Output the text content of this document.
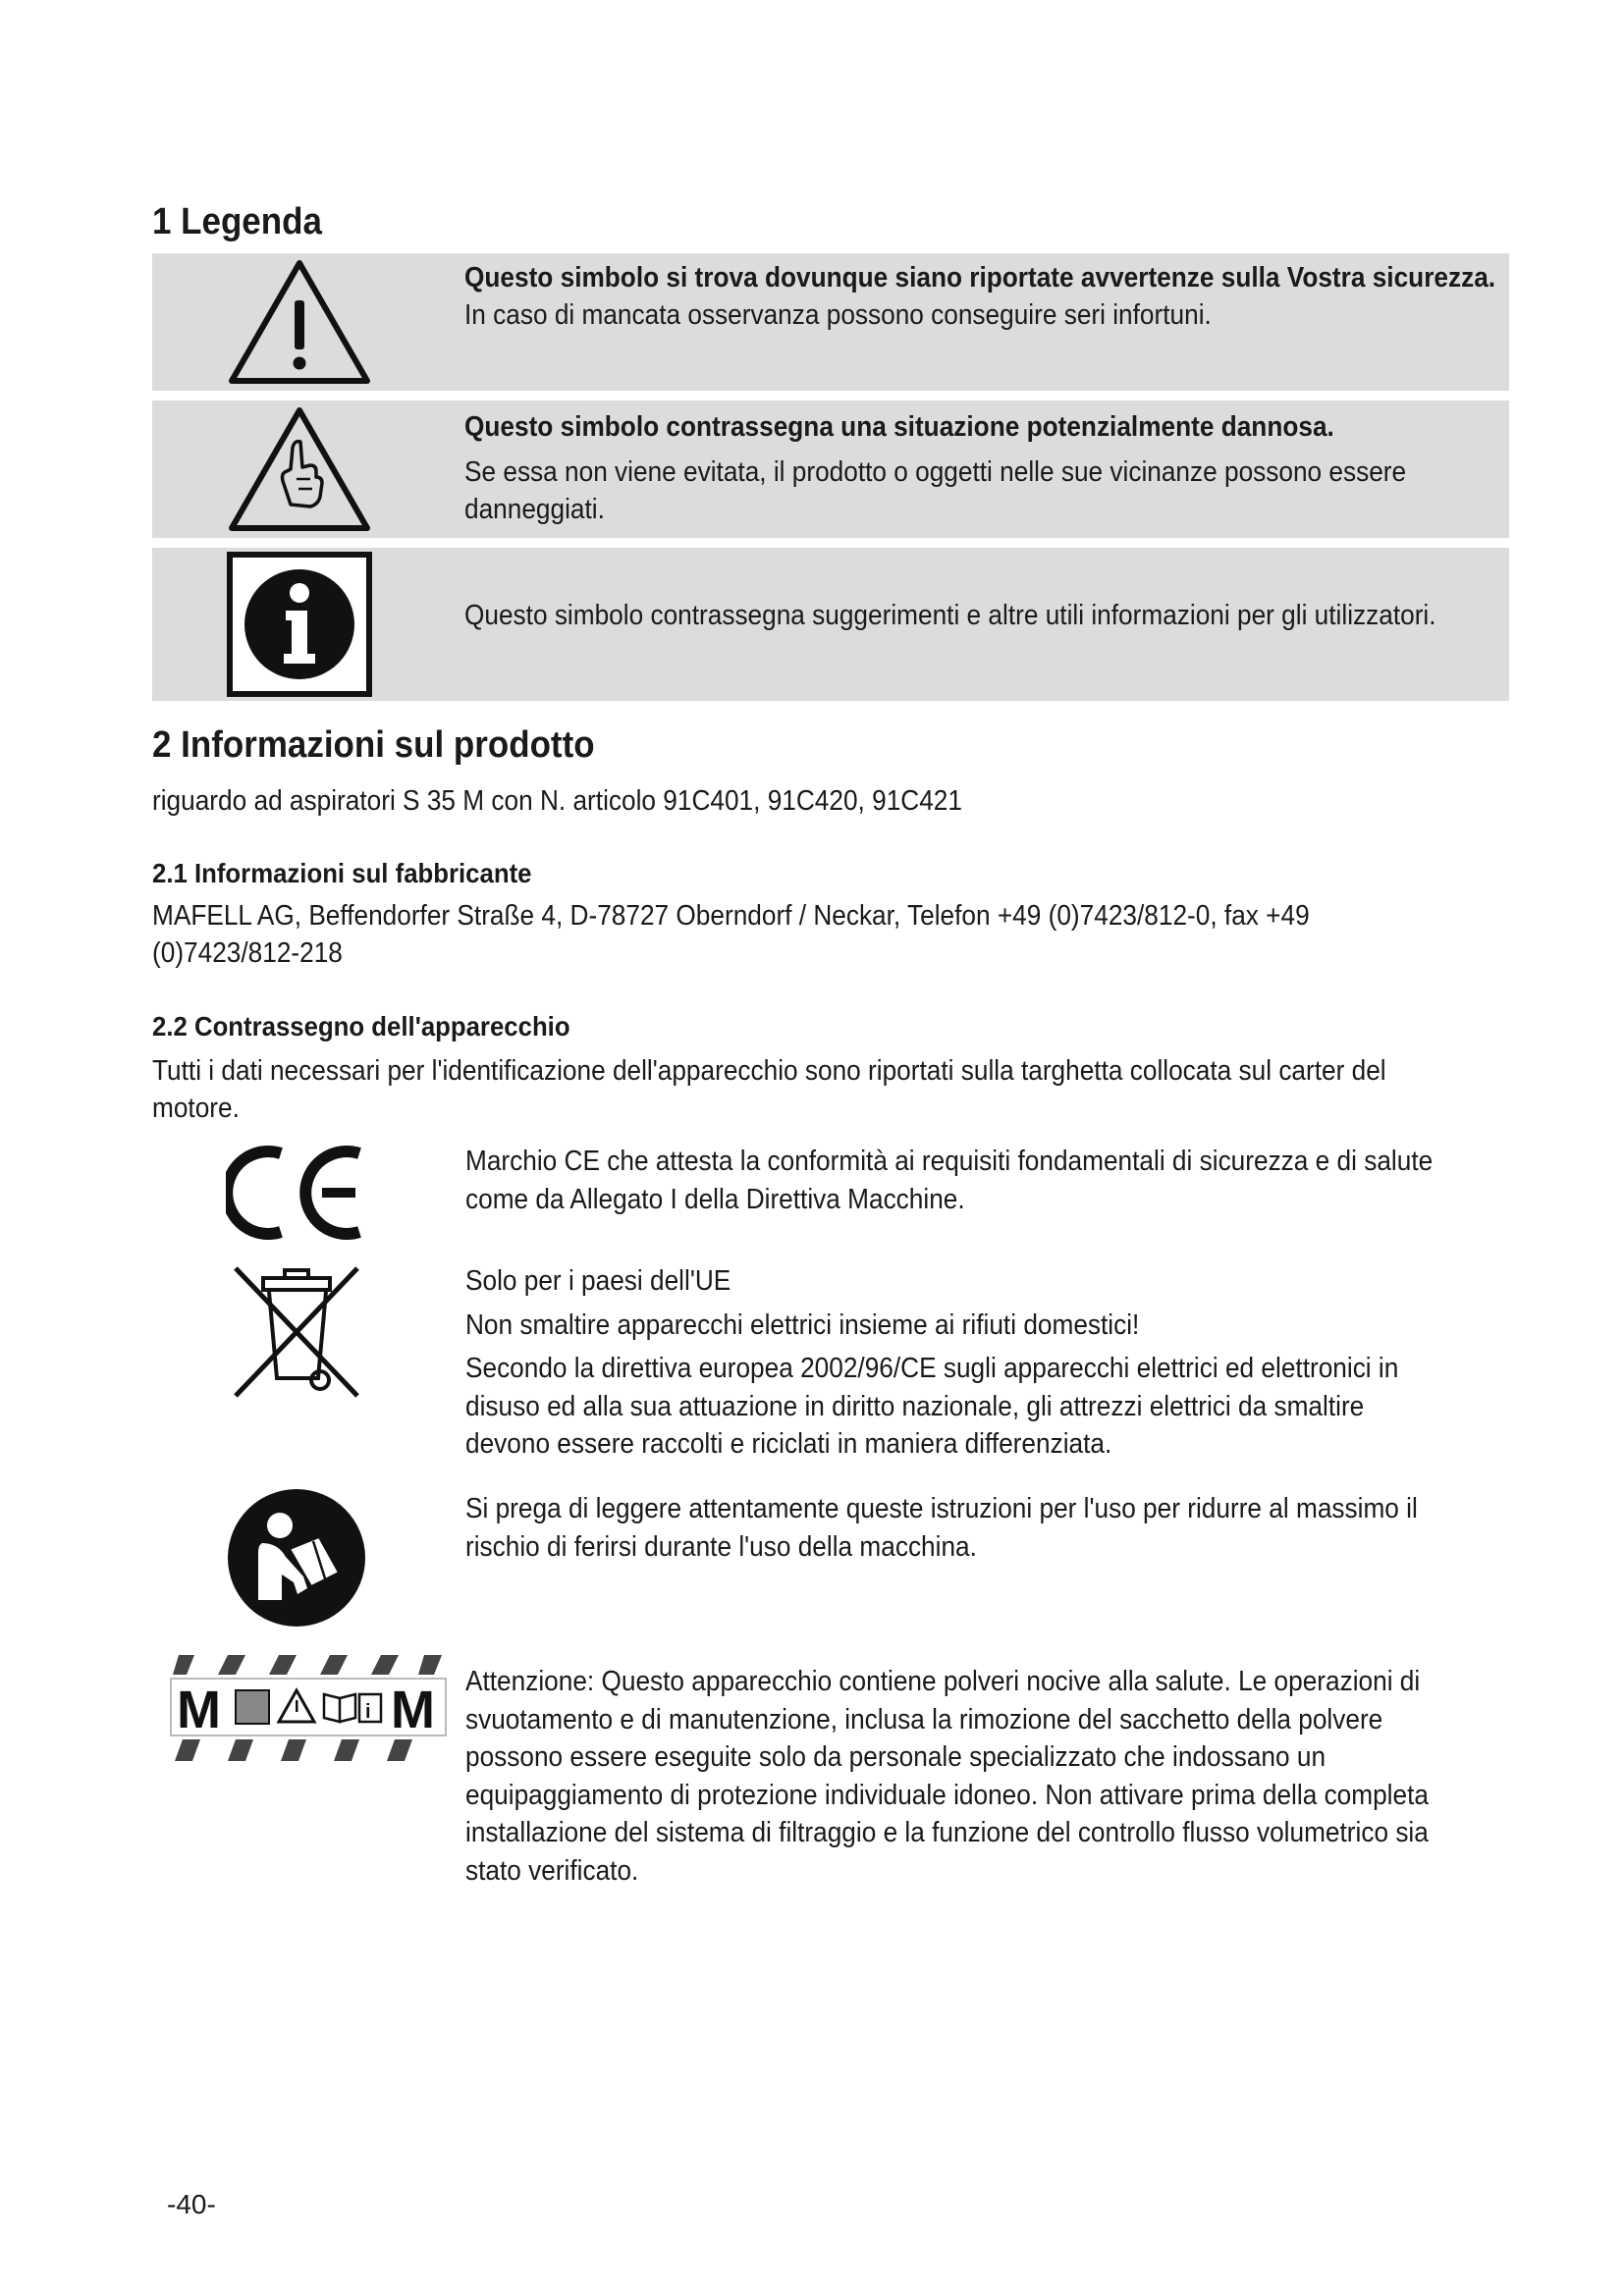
1 Legenda
Questo simbolo si trova dovunque siano riportate avvertenze sulla Vostra sicurezza.
In caso di mancata osservanza possono conseguire seri infortuni.
Questo simbolo contrassegna una situazione potenzialmente dannosa.
Se essa non viene evitata, il prodotto o oggetti nelle sue vicinanze possono essere danneggiati.
Questo simbolo contrassegna suggerimenti e altre utili informazioni per gli utilizzatori.
2 Informazioni sul prodotto

riguardo ad aspiratori S 35 M con N. articolo 91C401, 91C420, 91C421

2.1 Informazioni sul fabbricante
MAFELL AG, Beffendorfer Straße 4, D-78727 Oberndorf / Neckar, Telefon +49 (0)7423/812-0, fax +49
(0)7423/812-218
2.2 Contrassegno dell'apparecchio
Tutti i dati necessari per l'identificazione dell'apparecchio sono riportati sulla targhetta collocata sul carter del
motore.
Marchio CE che attesta la conformità ai requisiti fondamentali di sicurezza e di salute
come da Allegato I della Direttiva Macchine.
Solo per i paesi dell'UE
Non smaltire apparecchi elettrici insieme ai rifiuti domestici!
Secondo la direttiva europea 2002/96/CE sugli apparecchi elettrici ed elettronici in
disuso ed alla sua attuazione in diritto nazionale, gli attrezzi elettrici da smaltire
devono essere raccolti e riciclati in maniera differenziata.
Si prega di leggere attentamente queste istruzioni per l'uso per ridurre al massimo il
rischio di ferirsi durante l'uso della macchina.
M	i M Attenzione: Questo apparecchio contiene polveri nocive alla salute. Le operazioni di
svuotamento e di manutenzione, inclusa la rimozione del sacchetto della polvere
possono essere eseguite solo da personale specializzato che indossano un
equipaggiamento di protezione individuale idoneo. Non attivare prima della completa
installazione del sistema di filtraggio e la funzione del controllo flusso volumetrico sia
stato verificato.

-40-
